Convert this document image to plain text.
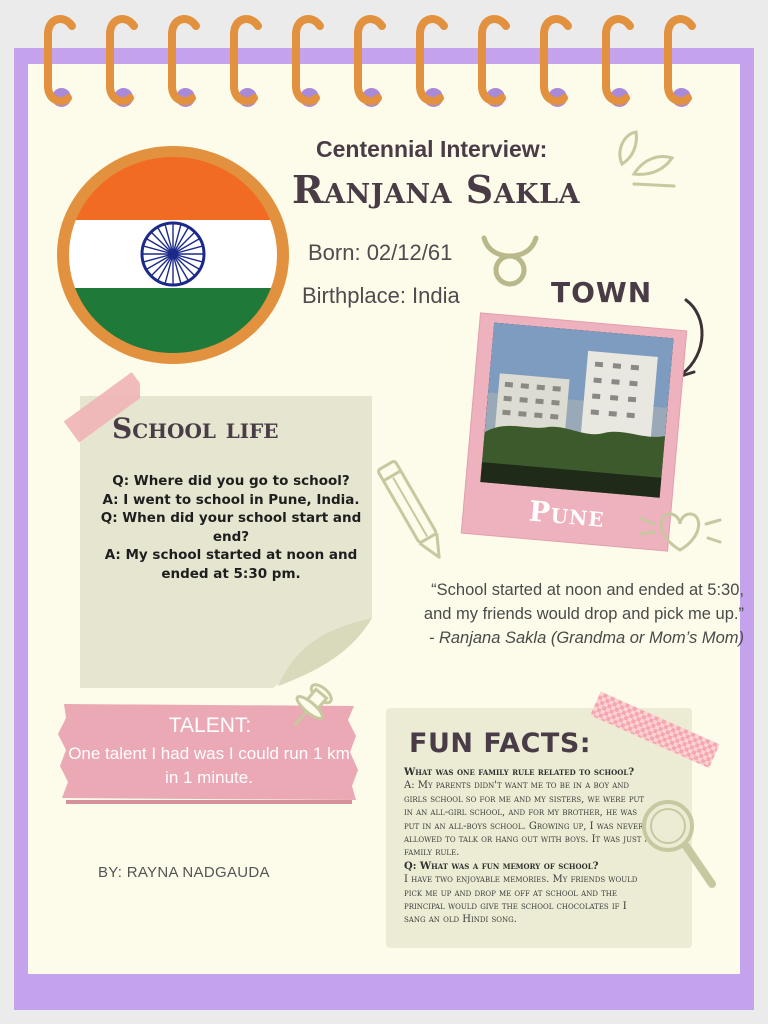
Centennial Interview:
Ranjana Sakla
Born: 02/12/61
Birthplace: India	TOWN
Pune
School life
Q: Where did you go to school?
A: I went to school in Pune, India.
Q: When did your school start and end?
A: My school started at noon and ended at 5:30 pm.
“School started at noon and ended at 5:30,
and my friends would drop and pick me up.”
- Ranjana Sakla (Grandma or Mom’s Mom)
TALENT:
One talent I had was I could run 1 km in 1 minute.
BY: RAYNA NADGAUDA
FUN FACTS:
What was one family rule related to school?
A: My parents didn't want me to be in a boy and girls school so for me and my sisters, we were put in an all-girl school, and for my brother, he was put in an all-boys school. Growing up, I was never allowed to talk or hang out with boys. It was just a family rule.
Q: What was a fun memory of school?
I have two enjoyable memories. My friends would pick me up and drop me off at school and the principal would give the school chocolates if I sang an old Hindi song.
